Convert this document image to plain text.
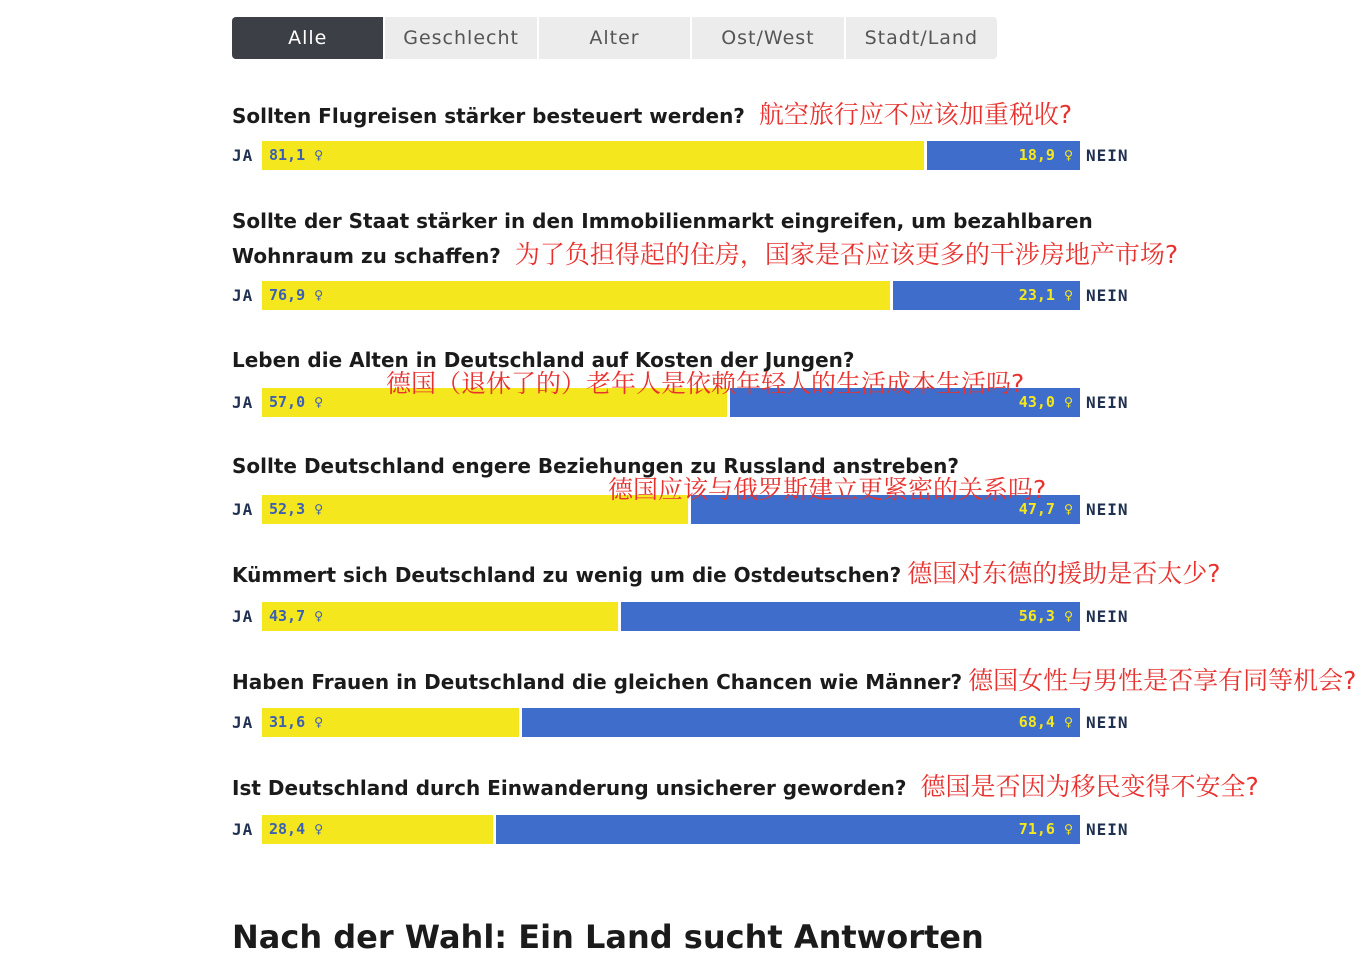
Alle	Geschlecht	Alter	Ost/West	Stadt/Land
Sollten Flugreisen stärker besteuert werden? 航空旅行应不应该加重税收?
JA	81,1 ♀	18,9 ♀ NEIN
Sollte der Staat stärker in den Immobilienmarkt eingreifen, um bezahlbaren
Wohnraum zu schaffen? 为了负担得起的住房，国家是否应该更多的干涉房地产市场?
JA	76,9 ♀	23,1 ♀ NEIN
Leben die Alten in Deutschland auf Kosten der Jungen?
德国（退休了的）老年人是依赖年轻人的生活成本生活吗?
JA	57,0 ♀	43,0 ♀ NEIN
Sollte Deutschland engere Beziehungen zu Russland anstreben?
德国应该与俄罗斯建立更紧密的关系吗?
JA	52,3 ♀	47,7 ♀ NEIN
Kümmert sich Deutschland zu wenig um die Ostdeutschen? 德国对东德的援助是否太少?
JA	43,7 ♀	56,3 ♀ NEIN
Haben Frauen in Deutschland die gleichen Chancen wie Männer? 德国女性与男性是否享有同等机会?
JA	31,6 ♀	68,4 ♀ NEIN
Ist Deutschland durch Einwanderung unsicherer geworden? 德国是否因为移民变得不安全?
JA	28,4 ♀	71,6 ♀ NEIN
Nach der Wahl: Ein Land sucht Antworten
